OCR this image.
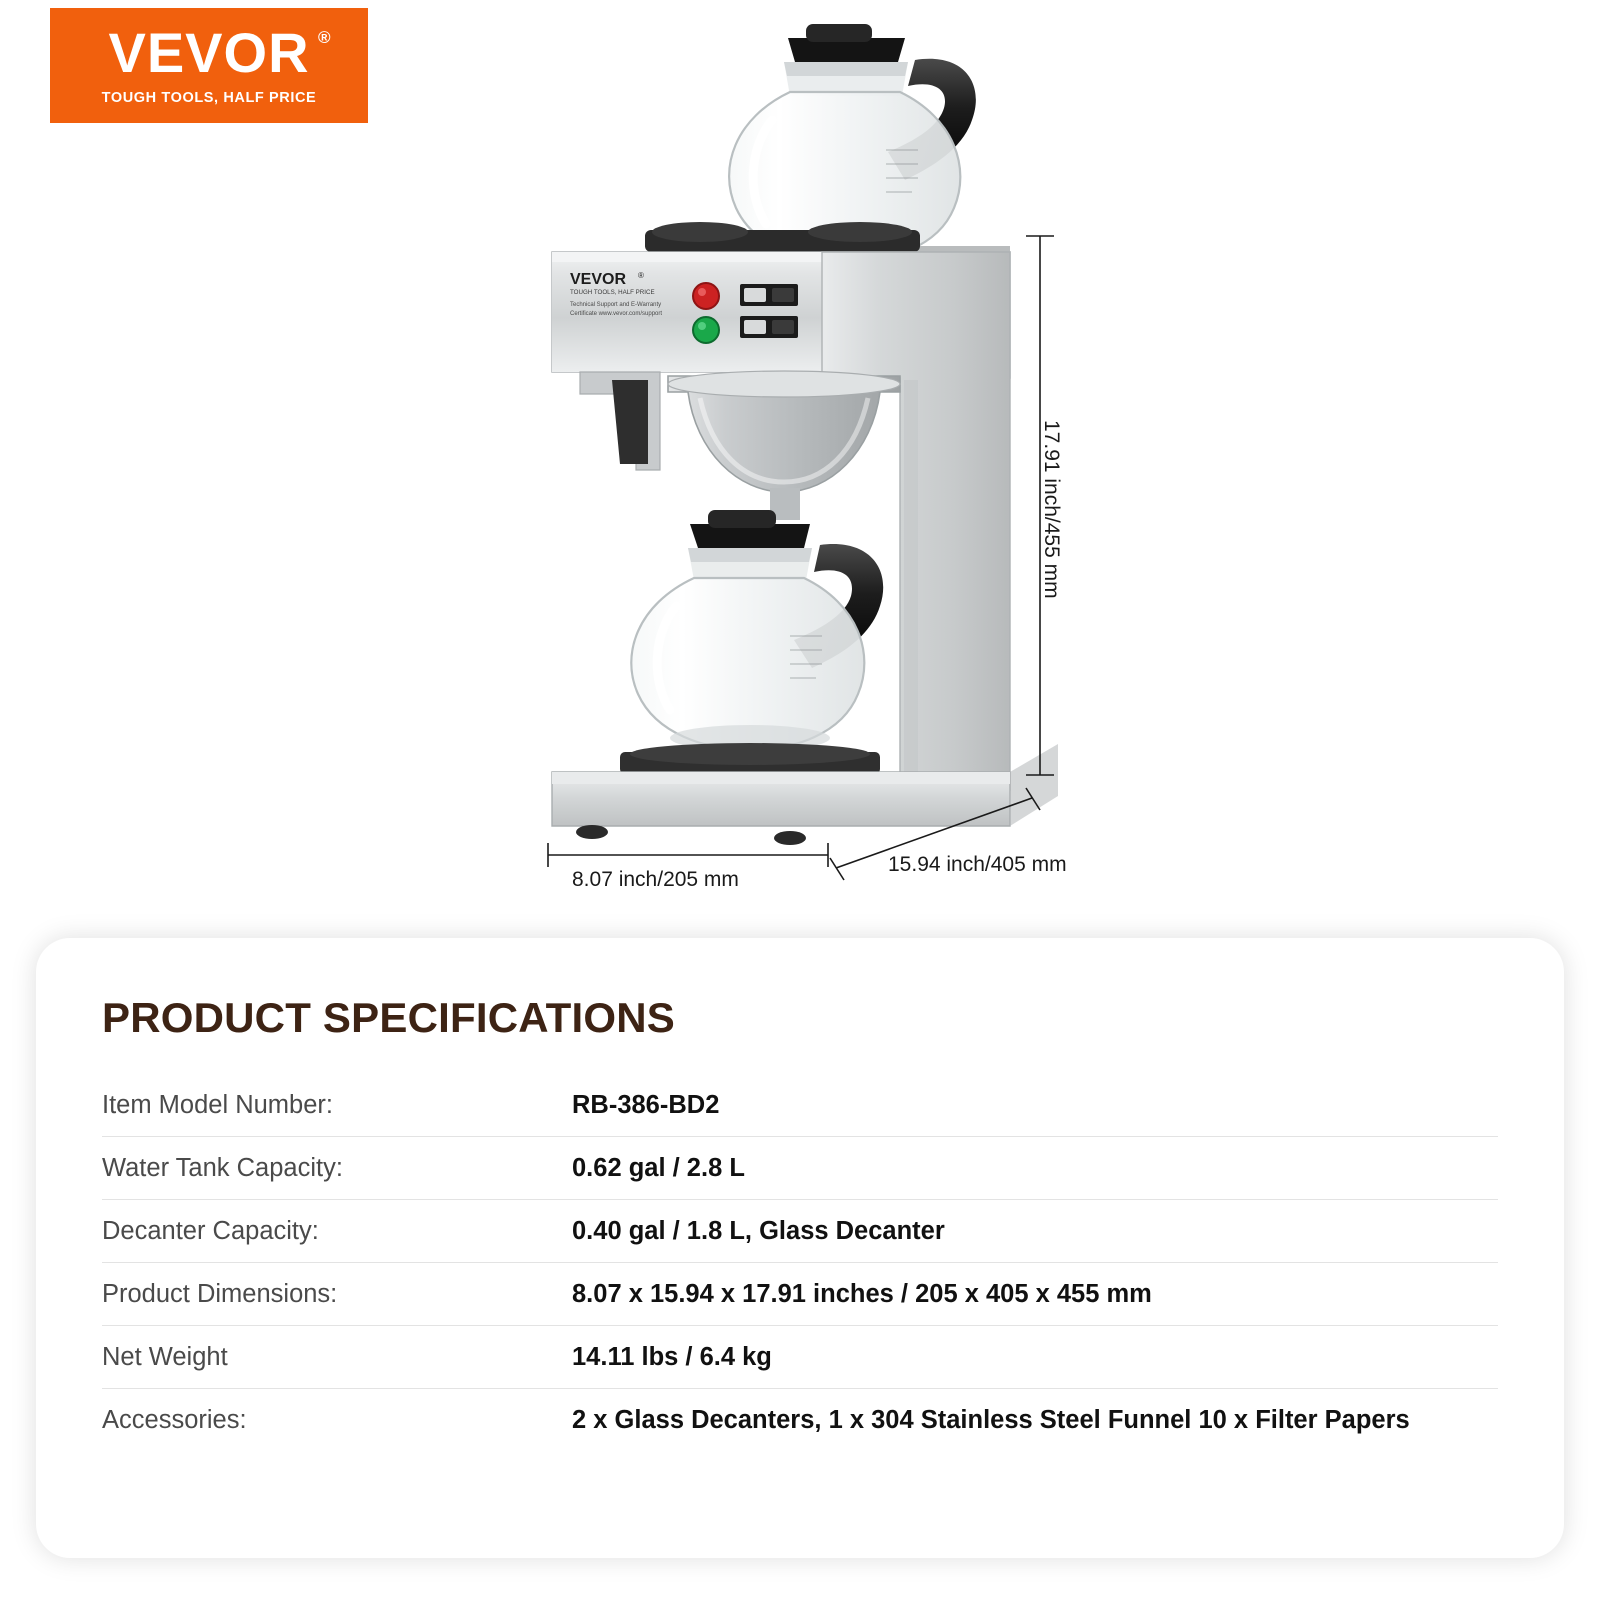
VEVOR ®
TOUGH TOOLS, HALF PRICE
VEVOR ®
TOUGH TOOLS, HALF PRICE
Technical Support and E-Warranty
Certificate www.vevor.com/support
17.91 inch/455 mm
8.07 inch/205 mm
15.94 inch/405 mm
PRODUCT SPECIFICATIONS
Item Model Number:	RB-386-BD2
Water Tank Capacity:	0.62 gal / 2.8 L
Decanter Capacity:	0.40 gal / 1.8 L, Glass Decanter
Product Dimensions:	8.07 x 15.94 x 17.91 inches / 205 x 405 x 455 mm
Net Weight	14.11 lbs / 6.4 kg
Accessories:	2 x Glass Decanters, 1 x 304 Stainless Steel Funnel 10 x Filter Papers
